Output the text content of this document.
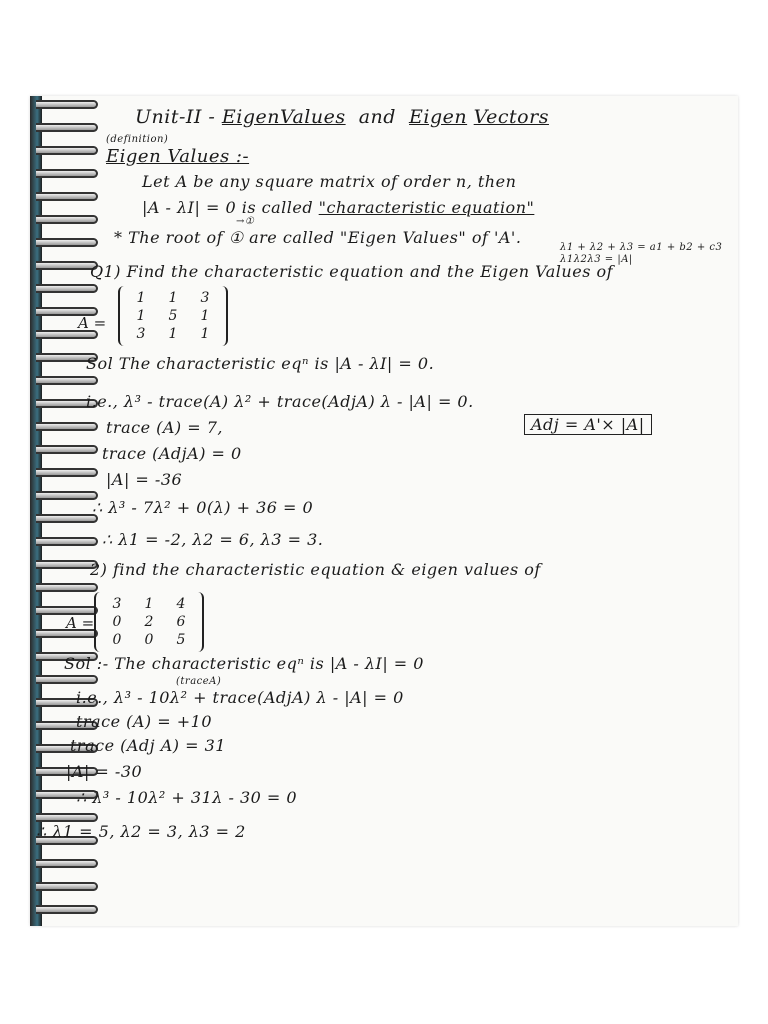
Unit-II - EigenValues and Eigen Vectors
(definition)
Eigen Values :-
Let A be any square matrix of order n, then
|A - λI| = 0 is called "characteristic equation"
→①
* The root of ① are called "Eigen Values" of 'A'.
λ1 + λ2 + λ3 = a1 + b2 + c3
λ1λ2λ3 = |A|
Q1) Find the characteristic equation and the Eigen Values of
A =
1 1 3
1 5 1
3 1 1
Sol The characteristic eqⁿ is |A - λI| = 0.
i.e., λ³ - trace(A) λ² + trace(AdjA) λ - |A| = 0.
trace (A) = 7,
trace (AdjA) = 0
|A| = -36
∴ λ³ - 7λ² + 0(λ) + 36 = 0
∴ λ1 = -2, λ2 = 6, λ3 = 3.
Adj = A'× |A|
2) find the characteristic equation & eigen values of
A =
3 1 4
0 2 6
0 0 5
(traceA)
Sol :- The characteristic eqⁿ is |A - λI| = 0
i.e., λ³ - 10λ² + trace(AdjA) λ - |A| = 0
trace (A) = +10
trace (Adj A) = 31
|A| = -30
∴ λ³ - 10λ² + 31λ - 30 = 0
∴ λ1 = 5, λ2 = 3, λ3 = 2
